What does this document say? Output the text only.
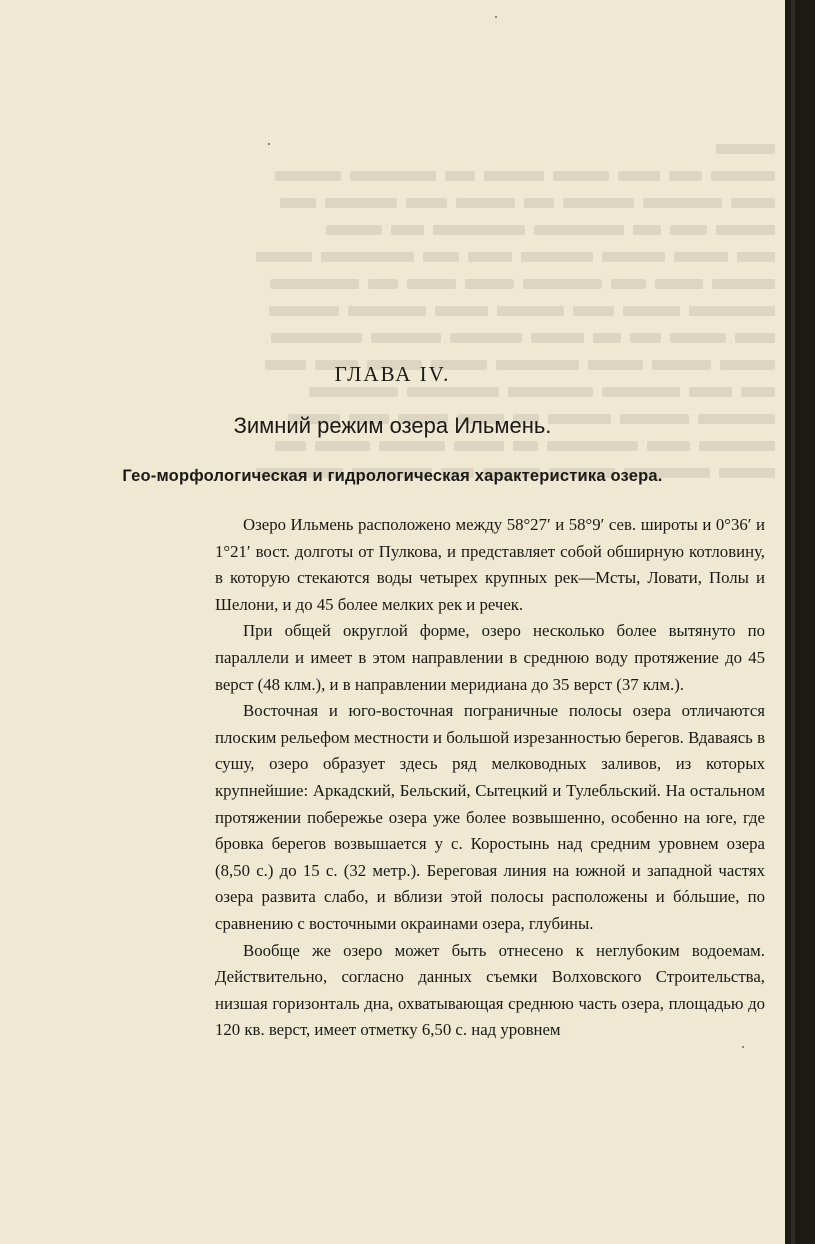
ГЛАВА IV.
Зимний режим озера Ильмень.
Гео-морфологическая и гидрологическая характеристика озера.

Озеро Ильмень расположено между 58°27′ и 58°9′ сев. широты и 0°36′ и 1°21′ вост. долготы от Пулкова, и представляет собой обширную котловину, в которую стекаются воды четырех крупных рек—Мсты, Ловати, Полы и Шелони, и до 45 более мелких рек и речек.

При общей округлой форме, озеро несколько более вытянуто по параллели и имеет в этом направлении в среднюю воду протяжение до 45 верст (48 клм.), и в направлении меридиана до 35 верст (37 клм.).

Восточная и юго-восточная пограничные полосы озера отличаются плоским рельефом местности и большой изрезанностью берегов. Вдаваясь в сушу, озеро образует здесь ряд мелководных заливов, из которых крупнейшие: Аркадский, Бельский, Сытецкий и Тулебльский. На остальном протяжении побережье озера уже более возвышенно, особенно на юге, где бровка берегов возвышается у с. Коростынь над средним уровнем озера (8,50 с.) до 15 с. (32 метр.). Береговая линия на южной и западной частях озера развита слабо, и вблизи этой полосы расположены и бóльшие, по сравнению с восточными окраинами озера, глубины.

Вообще же озеро может быть отнесено к неглубоким водоемам. Действительно, согласно данных съемки Волховского Строительства, низшая горизонталь дна, охватывающая среднюю часть озера, площадью до 120 кв. верст, имеет отметку 6,50 с. над уровнем
